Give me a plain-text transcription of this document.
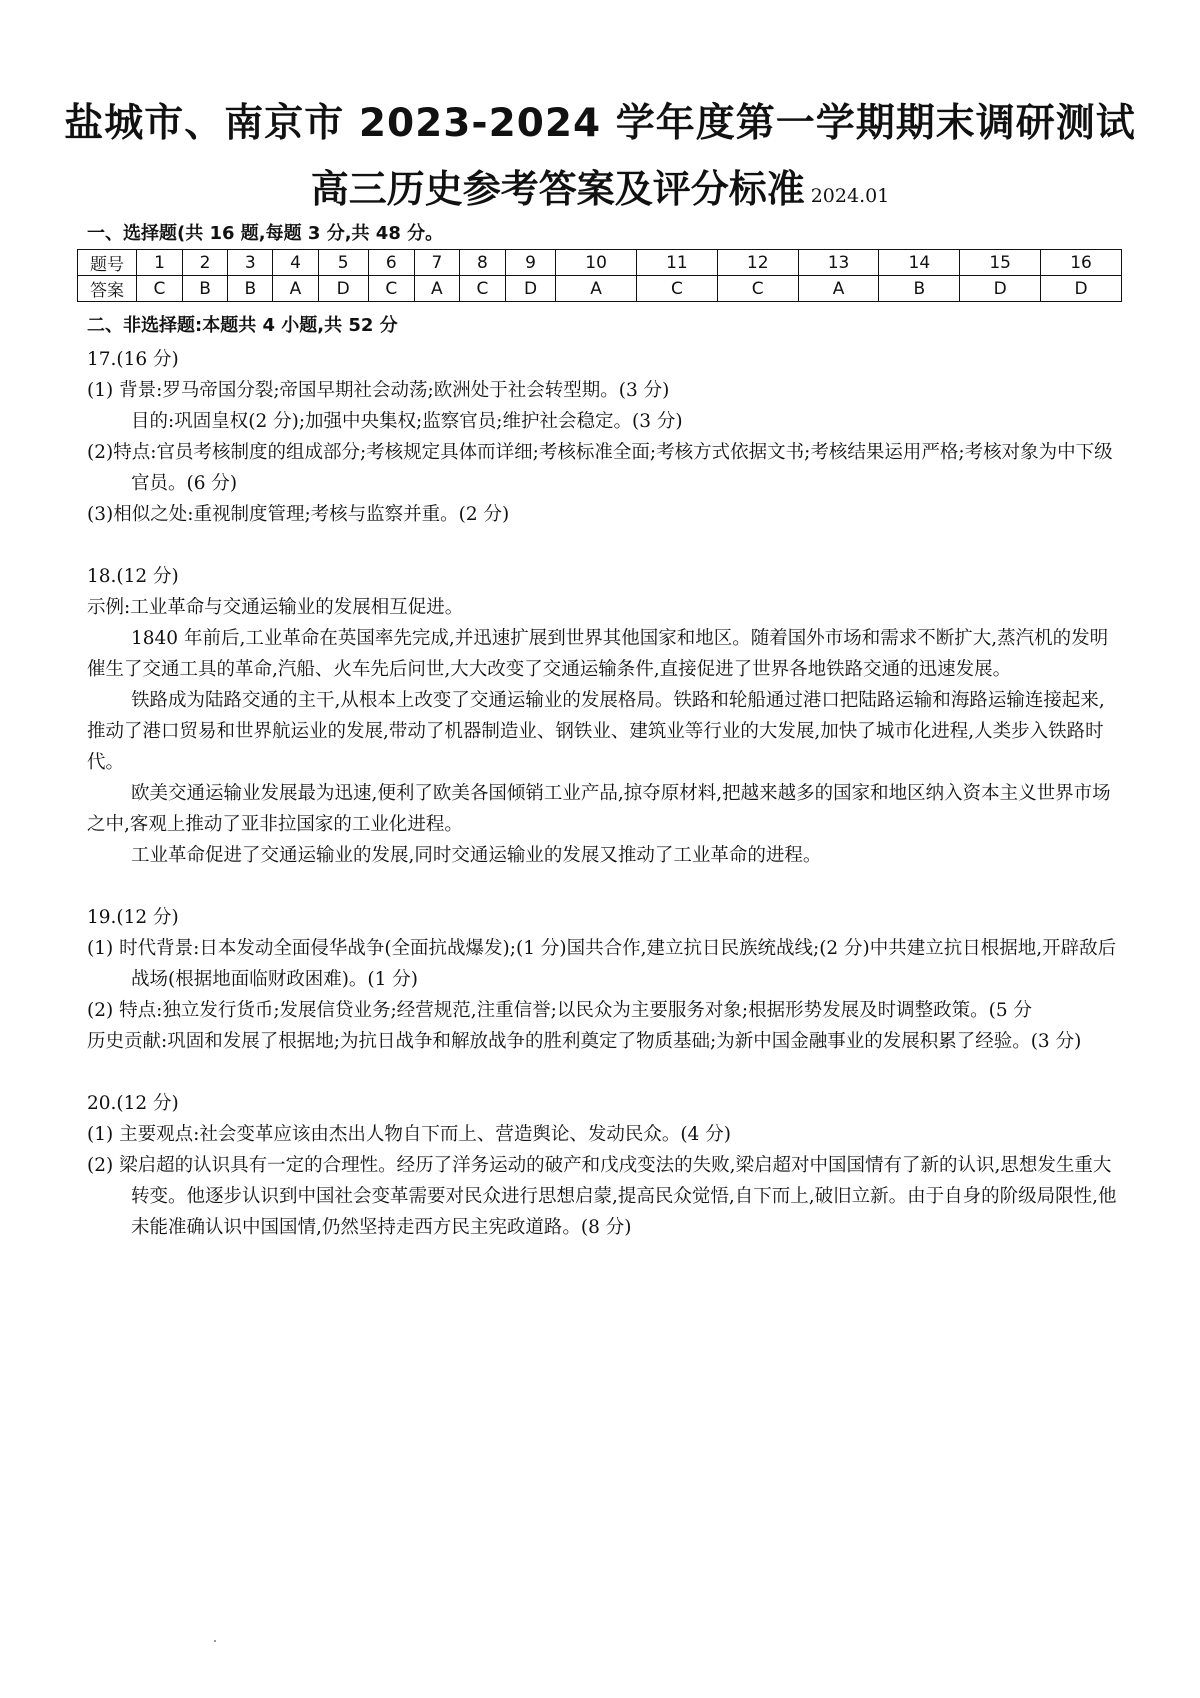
盐城市、南京市 2023-2024 学年度第一学期期末调研测试
高三历史参考答案及评分标准 2024.01
一、选择题(共 16 题,每题 3 分,共 48 分。
题号	1	2	3	4	5	6	7	8	9	10	11	12	13	14	15	16
答案	C	B	B	A	D	C	A	C	D	A	C	C	A	B	D	D
二、非选择题:本题共 4 小题,共 52 分

17.(16 分)

(1) 背景:罗马帝国分裂;帝国早期社会动荡;欧洲处于社会转型期。(3 分)

目的:巩固皇权(2 分);加强中央集权;监察官员;维护社会稳定。(3 分)

(2)特点:官员考核制度的组成部分;考核规定具体而详细;考核标准全面;考核方式依据文书;考核结果运用严格;考核对象为中下级官员。(6 分)

(3)相似之处:重视制度管理;考核与监察并重。(2 分)

18.(12 分)

示例:工业革命与交通运输业的发展相互促进。

1840 年前后,工业革命在英国率先完成,并迅速扩展到世界其他国家和地区。随着国外市场和需求不断扩大,蒸汽机的发明催生了交通工具的革命,汽船、火车先后问世,大大改变了交通运输条件,直接促进了世界各地铁路交通的迅速发展。

铁路成为陆路交通的主干,从根本上改变了交通运输业的发展格局。铁路和轮船通过港口把陆路运输和海路运输连接起来,推动了港口贸易和世界航运业的发展,带动了机器制造业、钢铁业、建筑业等行业的大发展,加快了城市化进程,人类步入铁路时代。

欧美交通运输业发展最为迅速,便利了欧美各国倾销工业产品,掠夺原材料,把越来越多的国家和地区纳入资本主义世界市场之中,客观上推动了亚非拉国家的工业化进程。

工业革命促进了交通运输业的发展,同时交通运输业的发展又推动了工业革命的进程。

19.(12 分)

(1) 时代背景:日本发动全面侵华战争(全面抗战爆发);(1 分)国共合作,建立抗日民族统战线;(2 分)中共建立抗日根据地,开辟敌后战场(根据地面临财政困难)。(1 分)

(2) 特点:独立发行货币;发展信贷业务;经营规范,注重信誉;以民众为主要服务对象;根据形势发展及时调整政策。(5 分

历史贡献:巩固和发展了根据地;为抗日战争和解放战争的胜利奠定了物质基础;为新中国金融事业的发展积累了经验。(3 分)

20.(12 分)

(1) 主要观点:社会变革应该由杰出人物自下而上、营造舆论、发动民众。(4 分)

(2) 梁启超的认识具有一定的合理性。经历了洋务运动的破产和戊戌变法的失败,梁启超对中国国情有了新的认识,思想发生重大转变。他逐步认识到中国社会变革需要对民众进行思想启蒙,提高民众觉悟,自下而上,破旧立新。由于自身的阶级局限性,他未能准确认识中国国情,仍然坚持走西方民主宪政道路。(8 分)
